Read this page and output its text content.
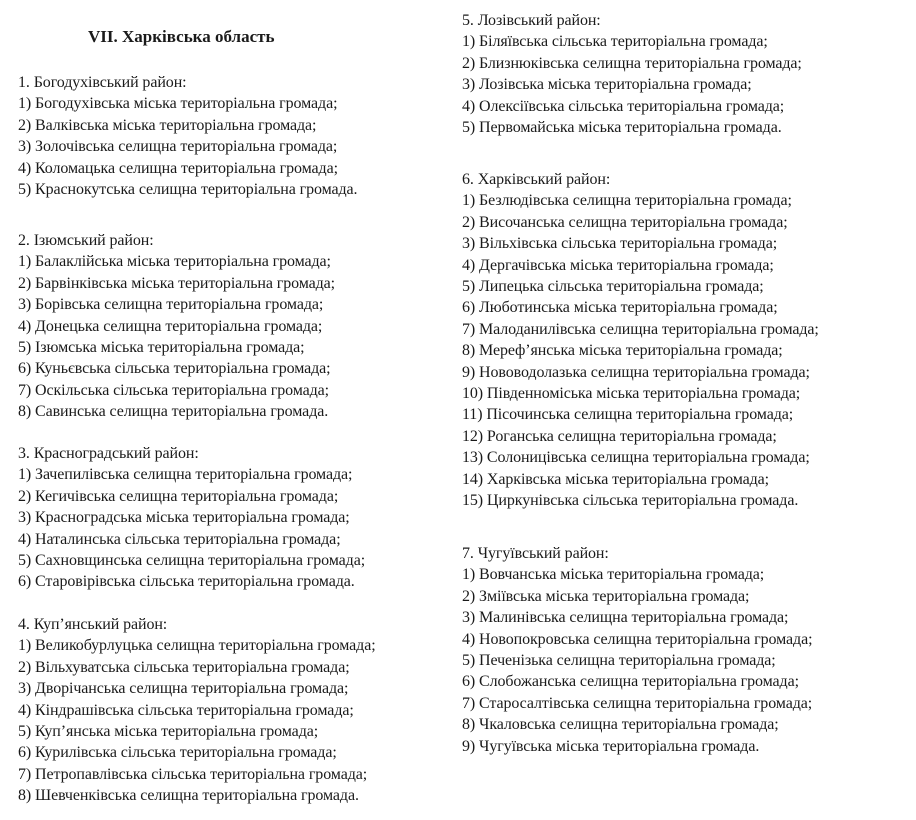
1. Богодухівський район:
1) Богодухівська міська територіальна громада;
2) Валківська міська територіальна громада;
3) Золочівська селищна територіальна громада;
4) Коломацька селищна територіальна громада;
5) Краснокутська селищна територіальна громада.
2. Ізюмський район:
1) Балаклійська міська територіальна громада;
2) Барвінківська міська територіальна громада;
3) Борівська селищна територіальна громада;
4) Донецька селищна територіальна громада;
5) Ізюмська міська територіальна громада;
6) Куньєвська сільська територіальна громада;
7) Оскільська сільська територіальна громада;
8) Савинська селищна територіальна громада.
3. Красноградський район:
1) Зачепилівська селищна територіальна громада;
2) Кегичівська селищна територіальна громада;
3) Красноградська міська територіальна громада;
4) Наталинська сільська територіальна громада;
5) Сахновщинська селищна територіальна громада;
6) Старовірівська сільська територіальна громада.
4. Куп’янський район:
1) Великобурлуцька селищна територіальна громада;
2) Вільхуватська сільська територіальна громада;
3) Дворічанська селищна територіальна громада;
4) Кіндрашівська сільська територіальна громада;
5) Куп’янська міська територіальна громада;
6) Курилівська сільська територіальна громада;
7) Петропавлівська сільська територіальна громада;
8) Шевченківська селищна територіальна громада.
VII. Харківська область
5. Лозівський район:
1) Біляївська сільська територіальна громада;
2) Близнюківська селищна територіальна громада;
3) Лозівська міська територіальна громада;
4) Олексіївська сільська територіальна громада;
5) Первомайська міська територіальна громада.
6. Харківський район:
1) Безлюдівська селищна територіальна громада;
2) Височанська селищна територіальна громада;
3) Вільхівська сільська територіальна громада;
4) Дергачівська міська територіальна громада;
5) Липецька сільська територіальна громада;
6) Люботинська міська територіальна громада;
7) Малоданилівська селищна територіальна громада;
8) Мереф’янська міська територіальна громада;
9) Нововодолазька селищна територіальна громада;
10) Південноміська міська територіальна громада;
11) Пісочинська селищна територіальна громада;
12) Роганська селищна територіальна громада;
13) Солоницівська селищна територіальна громада;
14) Харківська міська територіальна громада;
15) Циркунівська сільська територіальна громада.
7. Чугуївський район:
1) Вовчанська міська територіальна громада;
2) Зміївська міська територіальна громада;
3) Малинівська селищна територіальна громада;
4) Новопокровська селищна територіальна громада;
5) Печенізька селищна територіальна громада;
6) Слобожанська селищна територіальна громада;
7) Старосалтівська селищна територіальна громада;
8) Чкаловська селищна територіальна громада;
9) Чугуївська міська територіальна громада.
